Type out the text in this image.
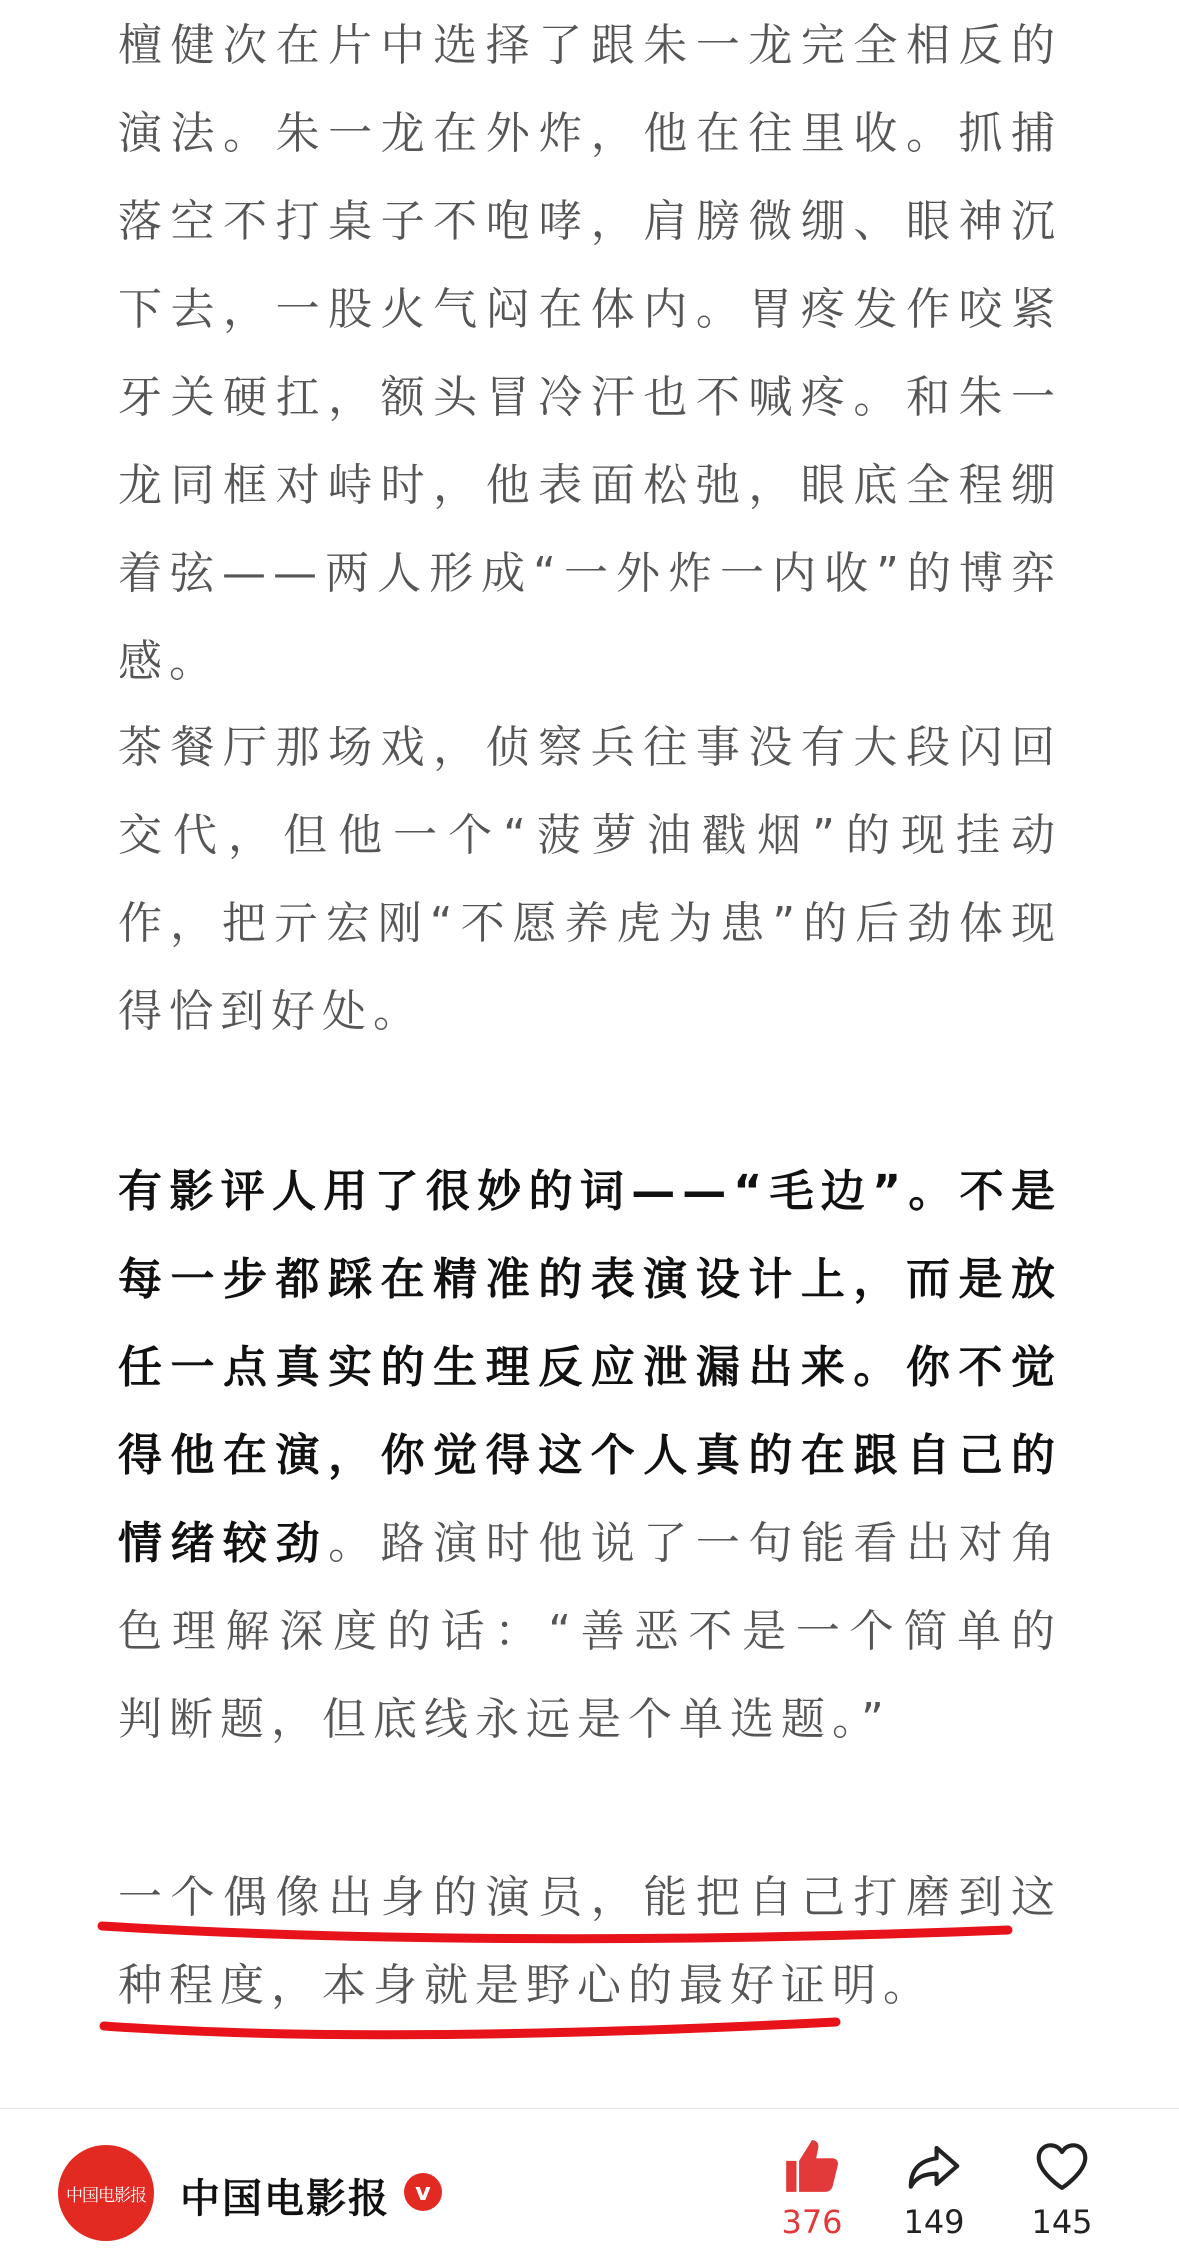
檀健次在片中选择了跟朱一龙完全相反的演法。朱一龙在外炸，他在往里收。抓捕落空不打桌子不咆哮，肩膀微绷、眼神沉下去，一股火气闷在体内。胃疼发作咬紧牙关硬扛，额头冒冷汗也不喊疼。和朱一龙同框对峙时，他表面松弛，眼底全程绷着弦——两人形成“一外炸一内收”的博弈感。

茶餐厅那场戏，侦察兵往事没有大段闪回交代，但他一个“菠萝油戳烟”的现挂动作，把亓宏刚“不愿养虎为患”的后劲体现得恰到好处。

有影评人用了很妙的词——“毛边”。不是每一步都踩在精准的表演设计上，而是放任一点真实的生理反应泄漏出来。你不觉得他在演，你觉得这个人真的在跟自己的情绪较劲。路演时他说了一句能看出对角色理解深度的话：“善恶不是一个简单的判断题，但底线永远是个单选题。”

一个偶像出身的演员，能把自己打磨到这种程度，本身就是野心的最好证明。

中国电影报 中国电影报	v
376	149	145
